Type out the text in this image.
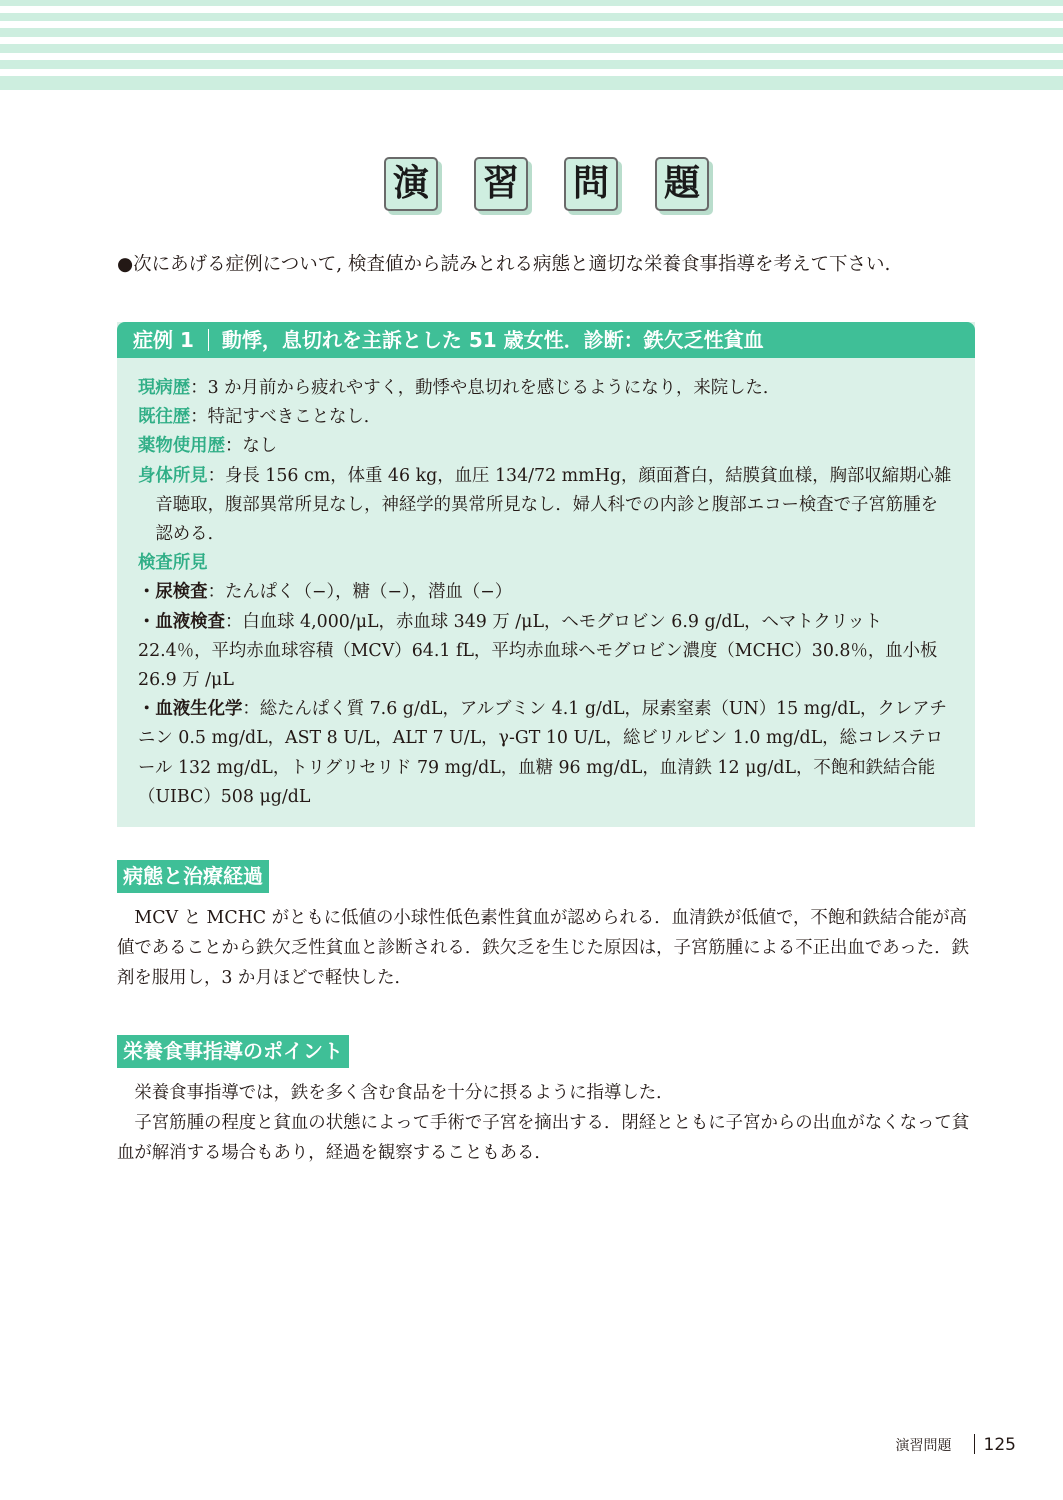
演 習 問 題
●次にあげる症例について, 検査値から読みとれる病態と適切な栄養食事指導を考えて下さい.
症例 1 動悸，息切れを主訴とした 51 歳女性．診断：鉄欠乏性貧血

現病歴：3 か月前から疲れやすく，動悸や息切れを感じるようになり，来院した．

既往歴：特記すべきことなし．

薬物使用歴：なし

身体所見：身長 156 cm，体重 46 kg，血圧 134/72 mmHg，顔面蒼白，結膜貧血様，胸部収縮期心雑音聴取，腹部異常所見なし，神経学的異常所見なし．婦人科での内診と腹部エコー検査で子宮筋腫を認める．

検査所見

・尿検査：たんぱく（−），糖（−），潜血（−）

・血液検査：白血球 4,000/μL，赤血球 349 万 /μL，ヘモグロビン 6.9 g/dL，ヘマトクリット 22.4％，平均赤血球容積（MCV）64.1 fL，平均赤血球ヘモグロビン濃度（MCHC）30.8％，血小板 26.9 万 /μL

・血液生化学：総たんぱく質 7.6 g/dL，アルブミン 4.1 g/dL，尿素窒素（UN）15 mg/dL，クレアチニン 0.5 mg/dL，AST 8 U/L，ALT 7 U/L，γ-GT 10 U/L，総ビリルビン 1.0 mg/dL，総コレステロール 132 mg/dL，トリグリセリド 79 mg/dL，血糖 96 mg/dL，血清鉄 12 μg/dL，不飽和鉄結合能（UIBC）508 μg/dL

病態と治療経過

MCV と MCHC がともに低値の小球性低色素性貧血が認められる．血清鉄が低値で，不飽和鉄結合能が高値であることから鉄欠乏性貧血と診断される．鉄欠乏を生じた原因は，子宮筋腫による不正出血であった．鉄剤を服用し，3 か月ほどで軽快した．

栄養食事指導のポイント

栄養食事指導では，鉄を多く含む食品を十分に摂るように指導した．

子宮筋腫の程度と貧血の状態によって手術で子宮を摘出する．閉経とともに子宮からの出血がなくなって貧血が解消する場合もあり，経過を観察することもある．

演習問題 125
